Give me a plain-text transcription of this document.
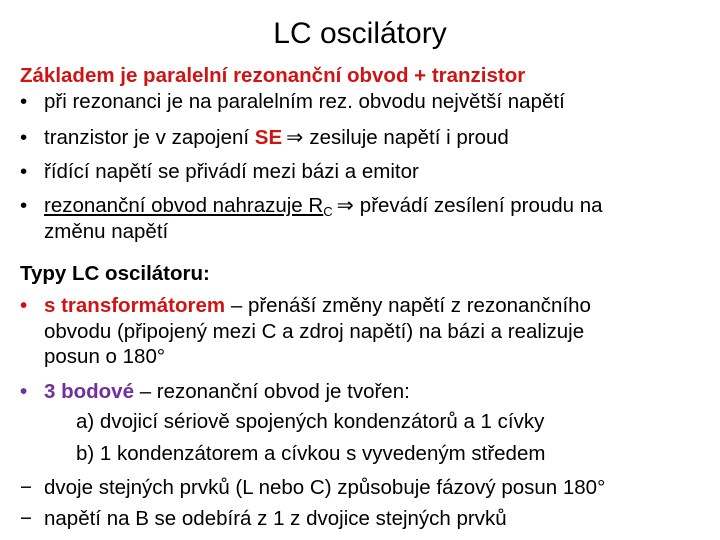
LC oscilátory
Základem je paralelní rezonanční obvod + tranzistor
• při rezonanci je na paralelním rez. obvodu největší napětí
• tranzistor je v zapojení SE ⇒ zesiluje napětí i proud
• řídící napětí se přivádí mezi bázi a emitor
• rezonanční obvod nahrazuje $R_C$ ⇒ převádí zesílení proudu na
změnu napětí
Typy LC oscilátoru:
• s transformátorem – přenáší změny napětí z rezonančního
obvodu (připojený mezi C a zdroj napětí) na bázi a realizuje
posun o 180°
• 3 bodové – rezonanční obvod je tvořen:
a) dvojicí sériově spojených kondenzátorů a 1 cívky
b) 1 kondenzátorem a cívkou s vyvedeným středem
− dvoje stejných prvků (L nebo C) způsobuje fázový posun 180°
− napětí na B se odebírá z 1 z dvojice stejných prvků
